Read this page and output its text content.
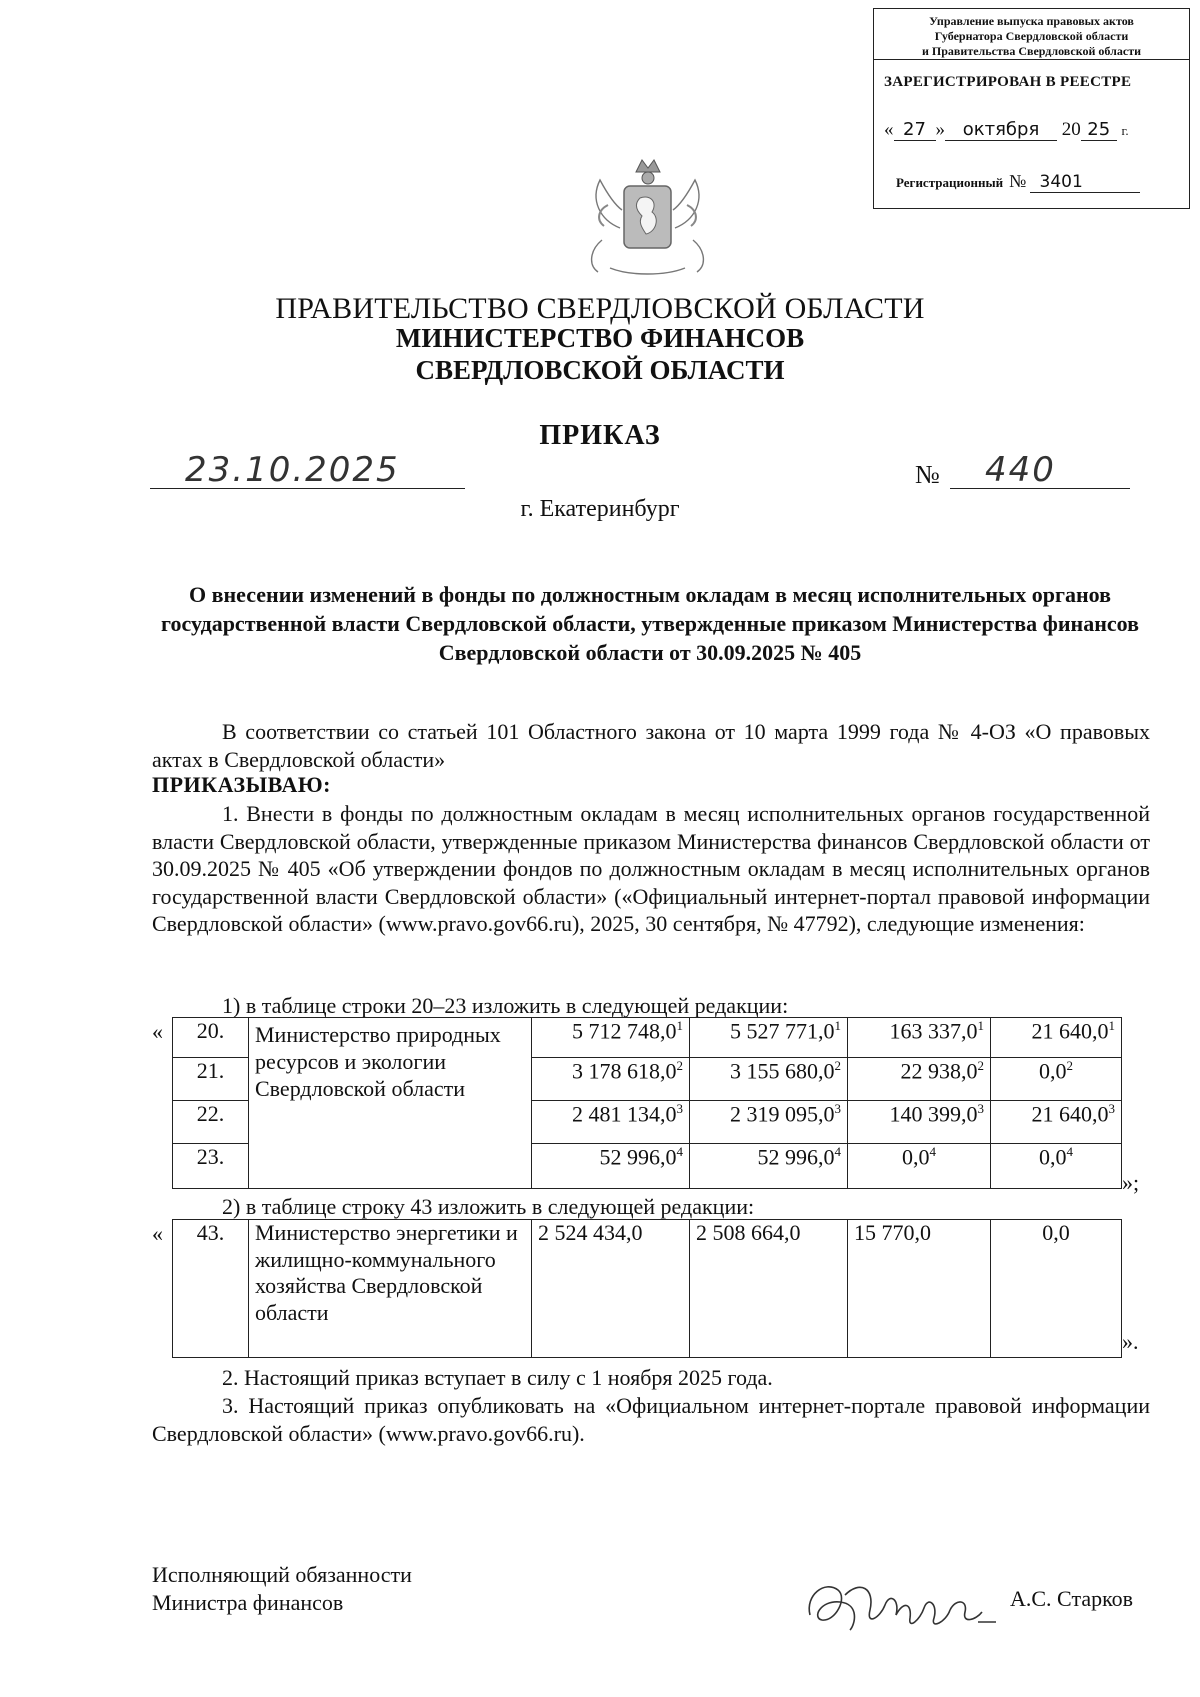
Управление выпуска правовых актов
Губернатора Свердловской области
и Правительства Свердловской области
ЗАРЕГИСТРИРОВАН В РЕЕСТРЕ
« 27 » октября 20 25 г.
Регистрационный № 3401
ПРАВИТЕЛЬСТВО СВЕРДЛОВСКОЙ ОБЛАСТИ
МИНИСТЕРСТВО ФИНАНСОВ
СВЕРДЛОВСКОЙ ОБЛАСТИ
ПРИКАЗ
23.10.2025	№ 440
г. Екатеринбург
О внесении изменений в фонды по должностным окладам в месяц исполнительных органов государственной власти Свердловской области, утвержденные приказом Министерства финансов Свердловской области от 30.09.2025 № 405
В соответствии со статьей 101 Областного закона от 10 марта 1999 года № 4-ОЗ «О правовых актах в Свердловской области»
ПРИКАЗЫВАЮ:
1. Внести в фонды по должностным окладам в месяц исполнительных органов государственной власти Свердловской области, утвержденные приказом Министерства финансов Свердловской области от 30.09.2025 № 405 «Об утверждении фондов по должностным окладам в месяц исполнительных органов государственной власти Свердловской области» («Официальный интернет-портал правовой информации Свердловской области» (www.pravo.gov66.ru), 2025, 30 сентября, № 47792), следующие изменения:
1) в таблице строки 20–23 изложить в следующей редакции:
« 20.	Министерство природных ресурсов и экологии Свердловской области	5 712 748,0$^1$	5 527 771,0$^1$	163 337,0$^1$	21 640,0$^1$
21.		3 178 618,0$^2$	3 155 680,0$^2$	22 938,0$^2$	$0,0^2$
22.		2 481 134,0$^3$	2 319 095,0$^3$	140 399,0$^3$	21 640,0$^3$
23.		52 996,0$^4$	52 996,0$^4$	$0,0^4$	$0,0^4$
»;
2) в таблице строку 43 изложить в следующей редакции:
« 43.	Министерство энергетики и жилищно-коммунального хозяйства Свердловской области	2 524 434,0	2 508 664,0	15 770,0	0,0
».
2. Настоящий приказ вступает в силу с 1 ноября 2025 года.
3. Настоящий приказ опубликовать на «Официальном интернет-портале правовой информации Свердловской области» (www.pravo.gov66.ru).
Исполняющий обязанности
Министра финансов	А.С. Старков
